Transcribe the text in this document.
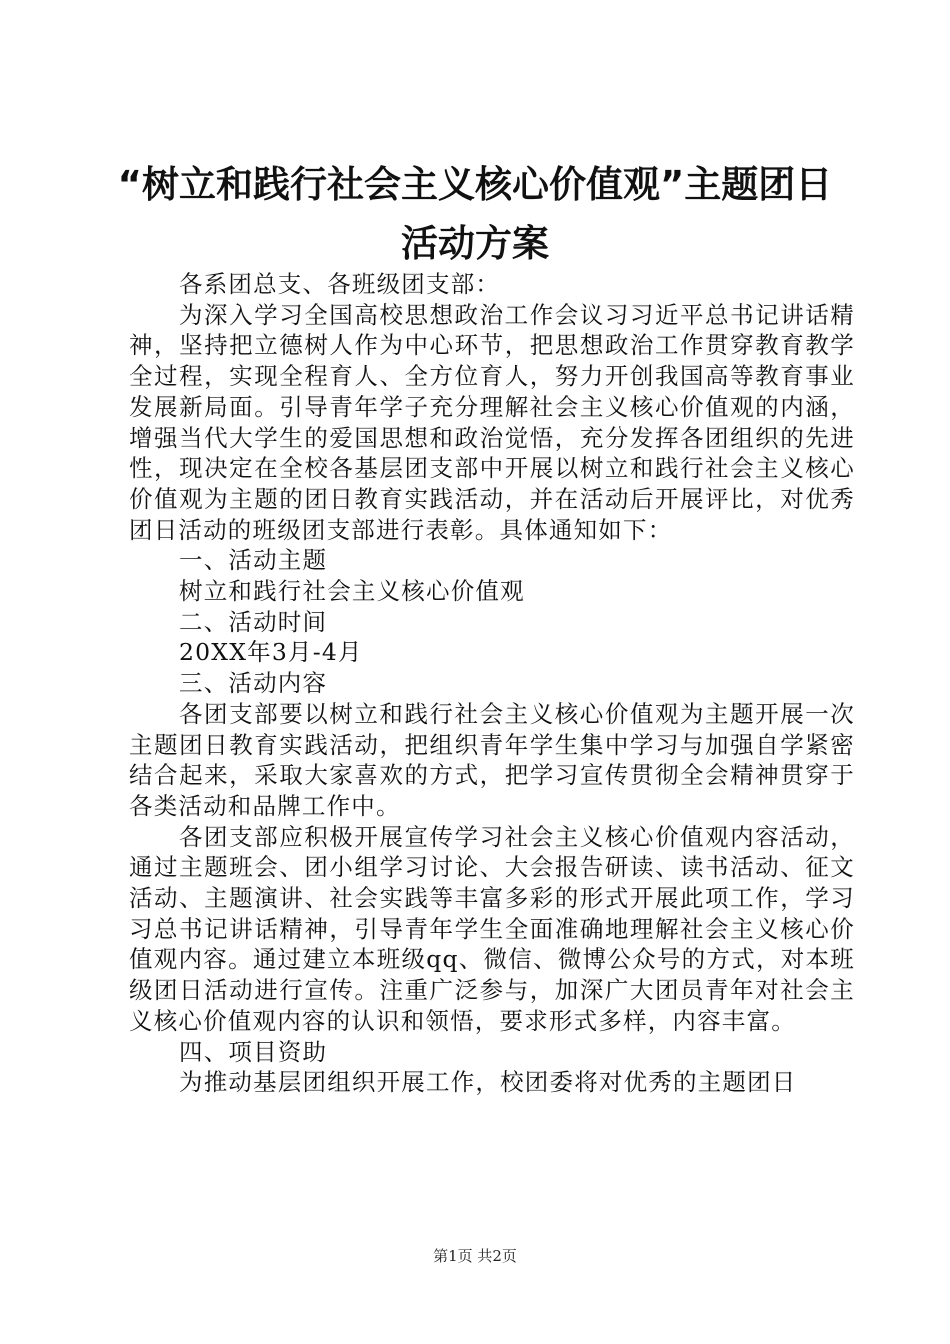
“树立和践行社会主义核心价值观”主题团日
活动方案

各系团总支、各班级团支部：

为深入学习全国高校思想政治工作会议习习近平总书记讲话精神，坚持把立德树人作为中心环节，把思想政治工作贯穿教育教学全过程，实现全程育人、全方位育人，努力开创我国高等教育事业发展新局面。引导青年学子充分理解社会主义核心价值观的内涵，增强当代大学生的爱国思想和政治觉悟，充分发挥各团组织的先进性，现决定在全校各基层团支部中开展以树立和践行社会主义核心价值观为主题的团日教育实践活动，并在活动后开展评比，对优秀团日活动的班级团支部进行表彰。具体通知如下：

一、活动主题

树立和践行社会主义核心价值观

二、活动时间

20XX年3月-4月

三、活动内容

各团支部要以树立和践行社会主义核心价值观为主题开展一次主题团日教育实践活动，把组织青年学生集中学习与加强自学紧密结合起来，采取大家喜欢的方式，把学习宣传贯彻全会精神贯穿于各类活动和品牌工作中。

各团支部应积极开展宣传学习社会主义核心价值观内容活动，通过主题班会、团小组学习讨论、大会报告研读、读书活动、征文活动、主题演讲、社会实践等丰富多彩的形式开展此项工作，学习习总书记讲话精神，引导青年学生全面准确地理解社会主义核心价值观内容。通过建立本班级qq、微信、微博公众号的方式，对本班级团日活动进行宣传。注重广泛参与，加深广大团员青年对社会主义核心价值观内容的认识和领悟，要求形式多样，内容丰富。

四、项目资助

为推动基层团组织开展工作，校团委将对优秀的主题团日

第1页 共2页
